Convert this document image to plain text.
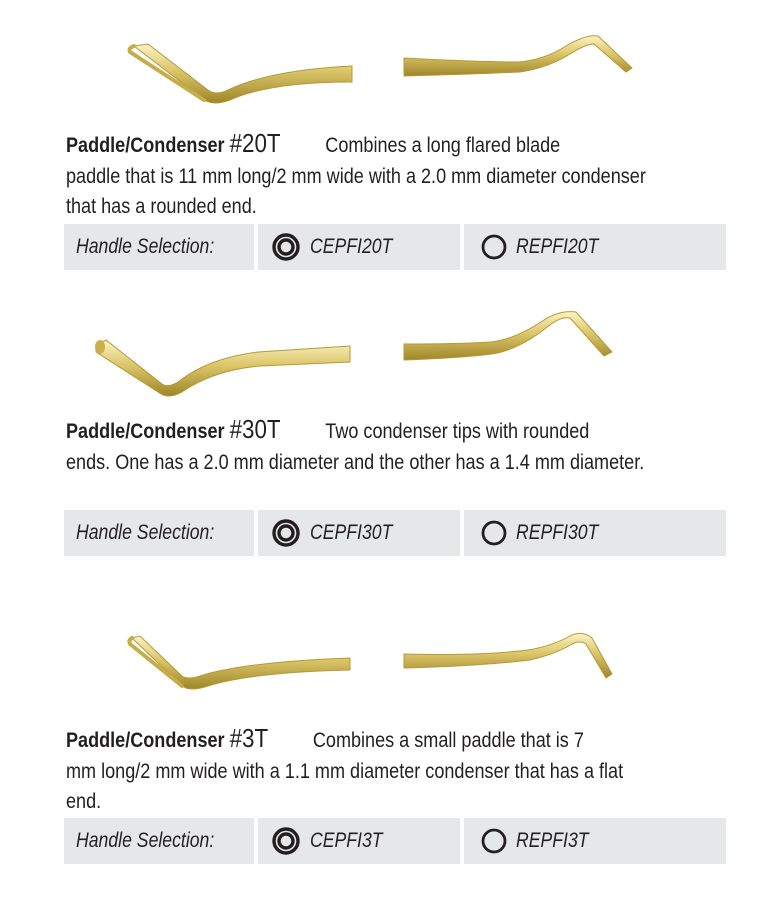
Paddle/Condenser #20T Combines a long flared blade
paddle that is 11 mm long/2 mm wide with a 2.0 mm diameter condenser that has a rounded end.
Handle Selection:	CEPFI20T	REPFI20T
Paddle/Condenser #30T Two condenser tips with rounded
ends. One has a 2.0 mm diameter and the other has a 1.4 mm diameter.
Handle Selection:	CEPFI30T	REPFI30T
Paddle/Condenser #3T Combines a small paddle that is 7
mm long/2 mm wide with a 1.1 mm diameter condenser that has a flat end.
Handle Selection:	CEPFI3T	REPFI3T
